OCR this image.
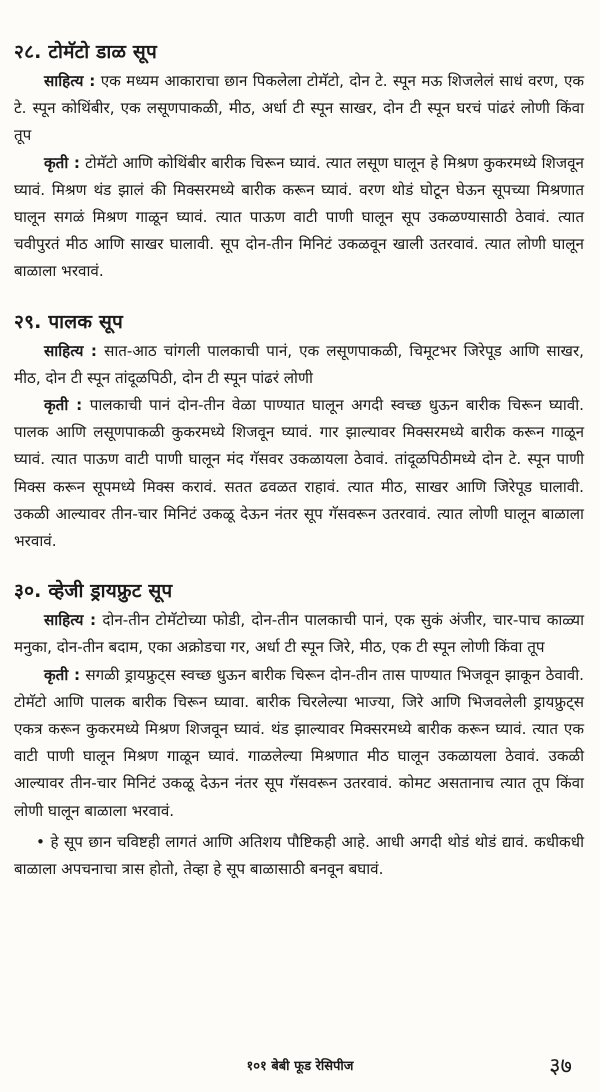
२८. टोमॅटो डाळ सूप

साहित्य : एक मध्यम आकाराचा छान पिकलेला टोमॅटो, दोन टे. स्पून मऊ शिजलेलं साधं वरण, एक टे. स्पून कोथिंबीर, एक लसूणपाकळी, मीठ, अर्धा टी स्पून साखर, दोन टी स्पून घरचं पांढरं लोणी किंवा तूप

कृती : टोमॅटो आणि कोथिंबीर बारीक चिरून घ्यावं. त्यात लसूण घालून हे मिश्रण कुकरमध्ये शिजवून घ्यावं. मिश्रण थंड झालं की मिक्सरमध्ये बारीक करून घ्यावं. वरण थोडं घोटून घेऊन सूपच्या मिश्रणात घालून सगळं मिश्रण गाळून घ्यावं. त्यात पाऊण वाटी पाणी घालून सूप उकळण्यासाठी ठेवावं. त्यात चवीपुरतं मीठ आणि साखर घालावी. सूप दोन-तीन मिनिटं उकळवून खाली उतरवावं. त्यात लोणी घालून बाळाला भरवावं.

२९. पालक सूप

साहित्य : सात-आठ चांगली पालकाची पानं, एक लसूणपाकळी, चिमूटभर जिरेपूड आणि साखर, मीठ, दोन टी स्पून तांदूळपिठी, दोन टी स्पून पांढरं लोणी

कृती : पालकाची पानं दोन-तीन वेळा पाण्यात घालून अगदी स्वच्छ धुऊन बारीक चिरून घ्यावी. पालक आणि लसूणपाकळी कुकरमध्ये शिजवून घ्यावं. गार झाल्यावर मिक्सरमध्ये बारीक करून गाळून घ्यावं. त्यात पाऊण वाटी पाणी घालून मंद गॅसवर उकळायला ठेवावं. तांदूळपिठीमध्ये दोन टे. स्पून पाणी मिक्स करून सूपमध्ये मिक्स करावं. सतत ढवळत राहावं. त्यात मीठ, साखर आणि जिरेपूड घालावी. उकळी आल्यावर तीन-चार मिनिटं उकळू देऊन नंतर सूप गॅसवरून उतरवावं. त्यात लोणी घालून बाळाला भरवावं.

३०. व्हेजी ड्रायफ्रुट सूप

साहित्य : दोन-तीन टोमॅटोच्या फोडी, दोन-तीन पालकाची पानं, एक सुकं अंजीर, चार-पाच काळ्या मनुका, दोन-तीन बदाम, एका अक्रोडचा गर, अर्धा टी स्पून जिरे, मीठ, एक टी स्पून लोणी किंवा तूप

कृती : सगळी ड्रायफ्रुट्स स्वच्छ धुऊन बारीक चिरून दोन-तीन तास पाण्यात भिजवून झाकून ठेवावी. टोमॅटो आणि पालक बारीक चिरून घ्यावा. बारीक चिरलेल्या भाज्या, जिरे आणि भिजवलेली ड्रायफ्रुट्स एकत्र करून कुकरमध्ये मिश्रण शिजवून घ्यावं. थंड झाल्यावर मिक्सरमध्ये बारीक करून घ्यावं. त्यात एक वाटी पाणी घालून मिश्रण गाळून घ्यावं. गाळलेल्या मिश्रणात मीठ घालून उकळायला ठेवावं. उकळी आल्यावर तीन-चार मिनिटं उकळू देऊन नंतर सूप गॅसवरून उतरवावं. कोमट असतानाच त्यात तूप किंवा लोणी घालून बाळाला भरवावं.

• हे सूप छान चविष्टही लागतं आणि अतिशय पौष्टिकही आहे. आधी अगदी थोडं थोडं द्यावं. कधीकधी बाळाला अपचनाचा त्रास होतो, तेव्हा हे सूप बाळासाठी बनवून बघावं.

१०१ बेबी फूड रेसिपीज	३७
